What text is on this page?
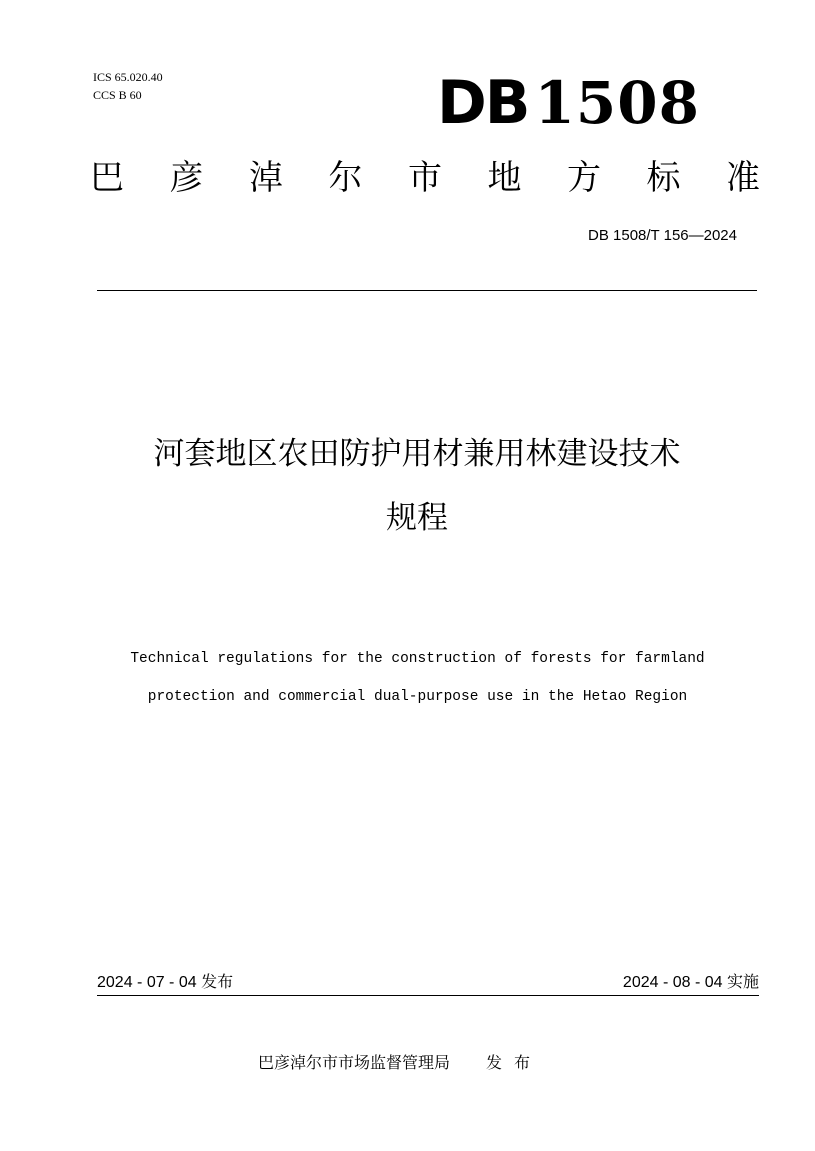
ICS 65.020.40
CCS B 60	DB 1508
巴 彦 淖 尔 市 地 方 标 准
DB 1508/T 156—2024
河套地区农田防护用材兼用林建设技术
规程
Technical regulations for the construction of forests for farmland
protection and commercial dual-purpose use in the Hetao Region
2024 - 07 - 04 发布	2024 - 08 - 04 实施
巴彦淖尔市市场监督管理局 发布
